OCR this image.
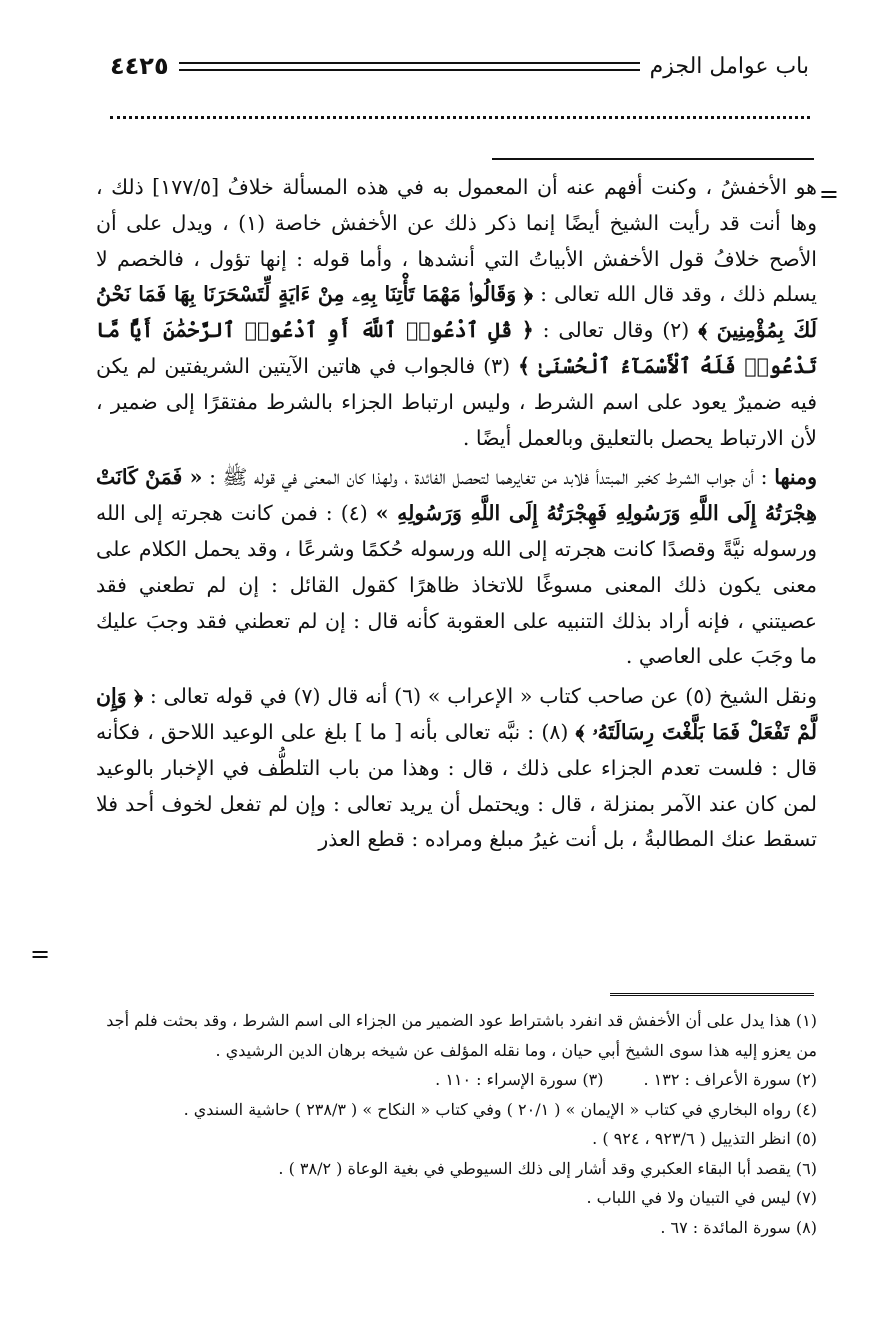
باب عوامل الجزم
٤٤٢٥
=

هو الأخفشُ ، وكنت أفهم عنه أن المعمول به في هذه المسألة خلافُ [١٧٧/٥] ذلك ، وها أنت قد رأيت الشيخ أيضًا إنما ذكر ذلك عن الأخفش خاصة (١) ، ويدل على أن الأصح خلافُ قول الأخفش الأبياتُ التي أنشدها ، وأما قوله : إنها تؤول ، فالخصم لا يسلم ذلك ، وقد قال الله تعالى : ﴿ وَقَالُوا۟ مَهْمَا تَأْتِنَا بِهِۦ مِنْ ءَايَةٍ لِّتَسْحَرَنَا بِهَا فَمَا نَحْنُ لَكَ بِمُؤْمِنِينَ ﴾ (٢) وقال تعالى : ﴿ قُلِ ٱدْعُوا۟ ٱللَّهَ أَوِ ٱدْعُوا۟ ٱلرَّحْمَٰنَ أَيًّا مَّا تَدْعُوا۟ فَلَهُ ٱلْأَسْمَآءُ ٱلْحُسْنَىٰ ﴾ (٣) فالجواب في هاتين الآيتين الشريفتين لم يكن فيه ضميرٌ يعود على اسم الشرط ، وليس ارتباط الجزاء بالشرط مفتقرًا إلى ضمير ، لأن الارتباط يحصل بالتعليق وبالعمل أيضًا .

ومنها : أن جواب الشرط كخبر المبتدأ فلابد من تغايرهما لتحصل الفائدة ، ولهذا كان المعنى في قوله ﷺ : « فَمَنْ كَانَتْ هِجْرَتُهُ إِلَى اللَّهِ وَرَسُولِهِ فَهِجْرَتُهُ إِلَى اللَّهِ وَرَسُولِهِ » (٤) : فمن كانت هجرته إلى الله ورسوله نيَّةً وقصدًا كانت هجرته إلى الله ورسوله حُكمًا وشرعًا ، وقد يحمل الكلام على معنى يكون ذلك المعنى مسوغًا للاتخاذ ظاهرًا كقول القائل : إن لم تطعني فقد عصيتني ، فإنه أراد بذلك التنبيه على العقوبة كأنه قال : إن لم تعطني فقد وجبَ عليك ما وجَبَ على العاصي .

ونقل الشيخ (٥) عن صاحب كتاب « الإعراب » (٦) أنه قال (٧) في قوله تعالى : ﴿ وَإِن لَّمْ تَفْعَلْ فَمَا بَلَّغْتَ رِسَالَتَهُۥ ﴾ (٨) : نبَّه تعالى بأنه [ ما ] بلغ على الوعيد اللاحق ، فكأنه قال : فلست تعدم الجزاء على ذلك ، قال : وهذا من باب التلطُّف في الإخبار بالوعيد لمن كان عند الآمر بمنزلة ، قال : ويحتمل أن يريد تعالى : وإن لم تفعل لخوف أحد فلا تسقط عنك المطالبةُ ، بل أنت غيرُ مبلغ ومراده : قطع العذر

=

(١) هذا يدل على أن الأخفش قد انفرد باشتراط عود الضمير من الجزاء الى اسم الشرط ، وقد بحثت فلم أجد من يعزو إليه هذا سوى الشيخ أبي حيان ، وما نقله المؤلف عن شيخه برهان الدين الرشيدي .

(٢) سورة الأعراف : ١٣٢ .
(٣) سورة الإسراء : ١١٠ .

(٤) رواه البخاري في كتاب « الإيمان » ( ٢٠/١ ) وفي كتاب « النكاح » ( ٢٣٨/٣ ) حاشية السندي .

(٥) انظر التذييل ( ٩٢٣/٦ ، ٩٢٤ ) .

(٦) يقصد أبا البقاء العكبري وقد أشار إلى ذلك السيوطي في بغية الوعاة ( ٣٨/٢ ) .

(٧) ليس في التبيان ولا في اللباب .

(٨) سورة المائدة : ٦٧ .
